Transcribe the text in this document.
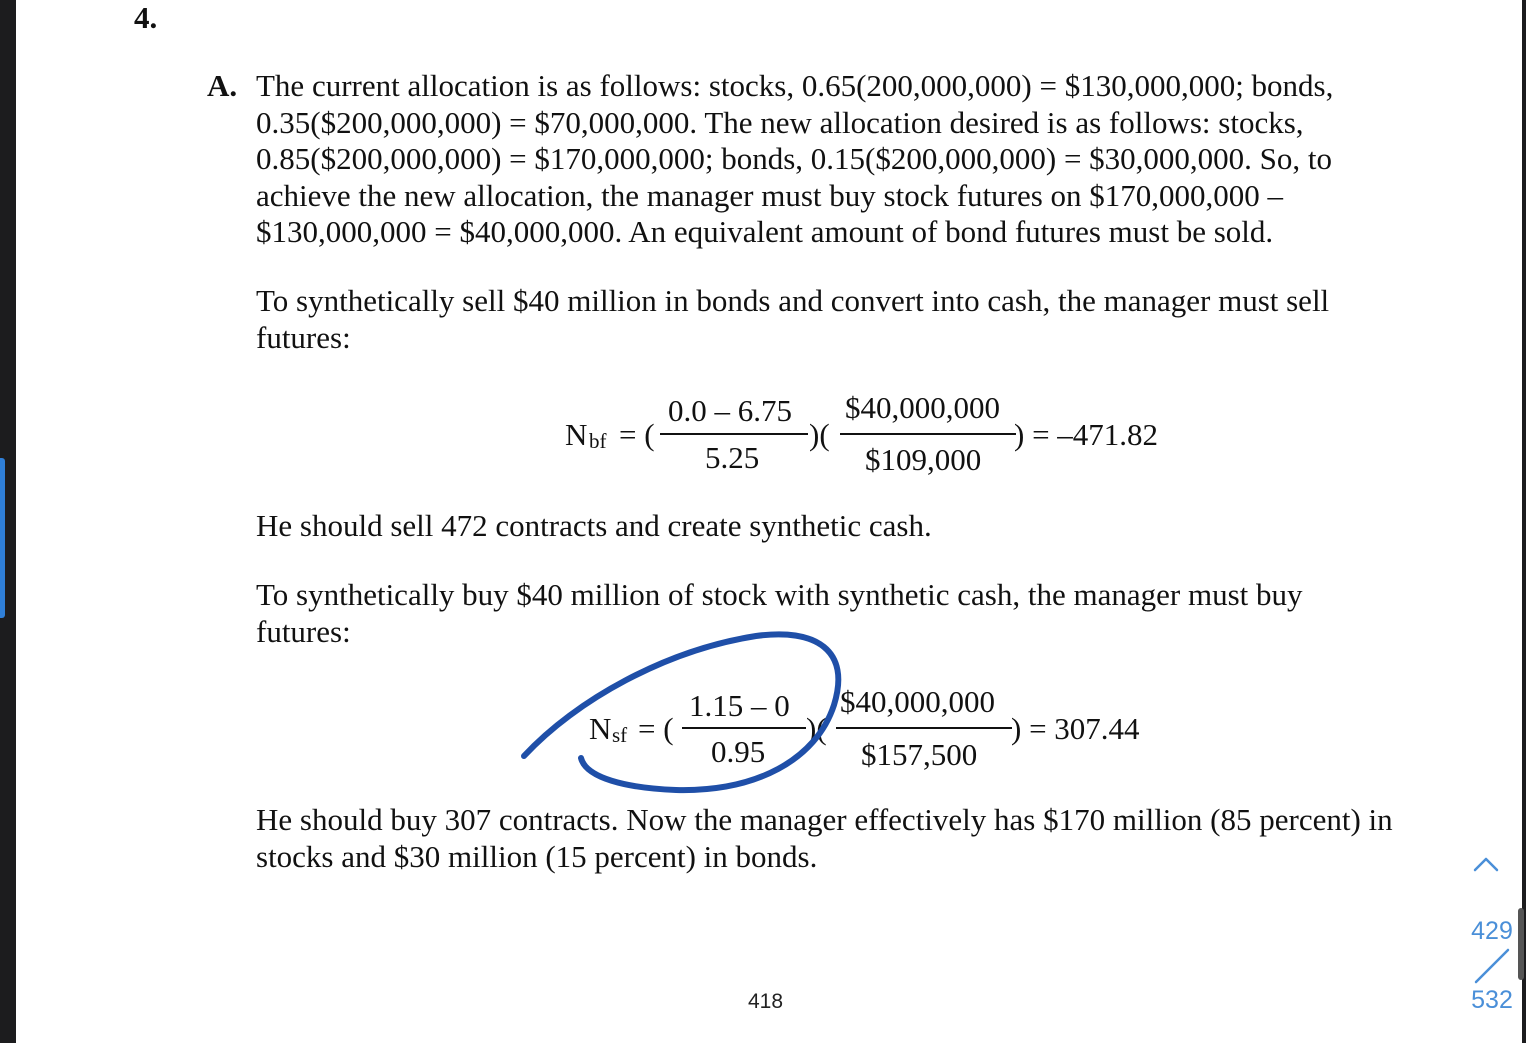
4.
A. The current allocation is as follows: stocks, 0.65(200,000,000) = $130,000,000; bonds,
0.35($200,000,000) = $70,000,000. The new allocation desired is as follows: stocks,
0.85($200,000,000) = $170,000,000; bonds, 0.15($200,000,000) = $30,000,000. So, to
achieve the new allocation, the manager must buy stock futures on $170,000,000 –
$130,000,000 = $40,000,000. An equivalent amount of bond futures must be sold.

To synthetically sell $40 million in bonds and convert into cash, the manager must sell
futures:

N bf = (
0.0 – 6.75
5.25
)(
$40,000,000
$109,000
) = –471.82

He should sell 472 contracts and create synthetic cash.

To synthetically buy $40 million of stock with synthetic cash, the manager must buy
futures:

N sf = (
1.15 – 0
0.95
)(
$40,000,000
$157,500
) = 307.44

He should buy 307 contracts. Now the manager effectively has $170 million (85 percent) in
stocks and $30 million (15 percent) in bonds.

418
429
532
